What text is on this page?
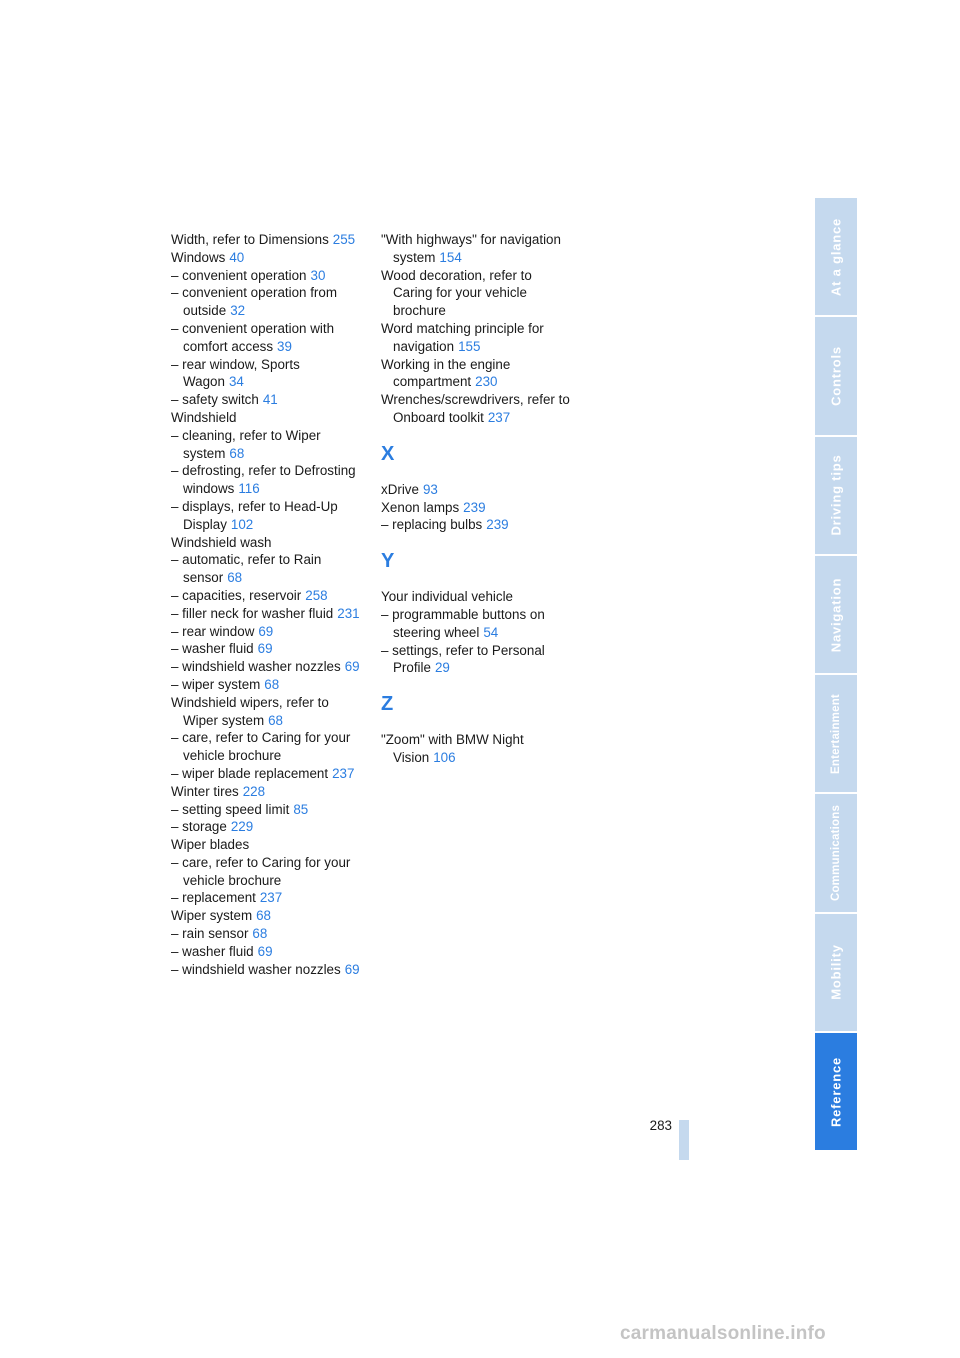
Width, refer to Dimensions 255
Windows 40
– convenient operation 30
– convenient operation from outside 32
– convenient operation with comfort access 39
– rear window, Sports Wagon 34
– safety switch 41
Windshield
– cleaning, refer to Wiper system 68
– defrosting, refer to Defrosting windows 116
– displays, refer to Head-Up Display 102
Windshield wash
– automatic, refer to Rain sensor 68
– capacities, reservoir 258
– filler neck for washer fluid 231
– rear window 69
– washer fluid 69
– windshield washer nozzles 69
– wiper system 68
Windshield wipers, refer to Wiper system 68
– care, refer to Caring for your vehicle brochure
– wiper blade replacement 237
Winter tires 228
– setting speed limit 85
– storage 229
Wiper blades
– care, refer to Caring for your vehicle brochure
– replacement 237
Wiper system 68
– rain sensor 68
– washer fluid 69
– windshield washer nozzles 69
"With highways" for navigation system 154
Wood decoration, refer to Caring for your vehicle brochure
Word matching principle for navigation 155
Working in the engine compartment 230
Wrenches/screwdrivers, refer to Onboard toolkit 237
X
xDrive 93
Xenon lamps 239
– replacing bulbs 239
Y
Your individual vehicle
– programmable buttons on steering wheel 54
– settings, refer to Personal Profile 29
Z
"Zoom" with BMW Night Vision 106
At a glance
Controls
Driving tips
Navigation
Entertainment
Communications
Mobility
Reference
283
carmanualsonline.info
